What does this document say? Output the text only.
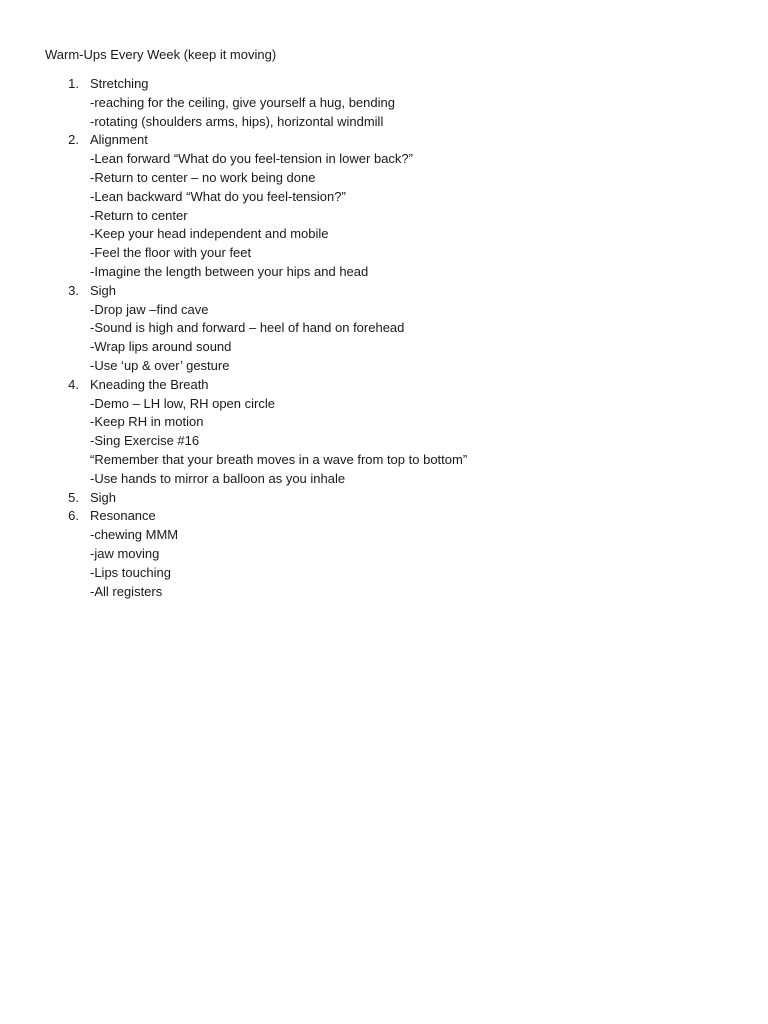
Warm-Ups Every Week (keep it moving)
1. Stretching
-reaching for the ceiling, give yourself a hug, bending
-rotating (shoulders arms, hips), horizontal windmill
2. Alignment
-Lean forward “What do you feel-tension in lower back?”
-Return to center – no work being done
-Lean backward “What do you feel-tension?”
-Return to center
-Keep your head independent and mobile
-Feel the floor with your feet
-Imagine the length between your hips and head
3. Sigh
-Drop jaw –find cave
-Sound is high and forward – heel of hand on forehead
-Wrap lips around sound
-Use ‘up & over’ gesture
4. Kneading the Breath
-Demo – LH low, RH open circle
-Keep RH in motion
-Sing Exercise #16
“Remember that your breath moves in a wave from top to bottom”
-Use hands to mirror a balloon as you inhale
5. Sigh
6. Resonance
-chewing MMM
-jaw moving
-Lips touching
-All registers
